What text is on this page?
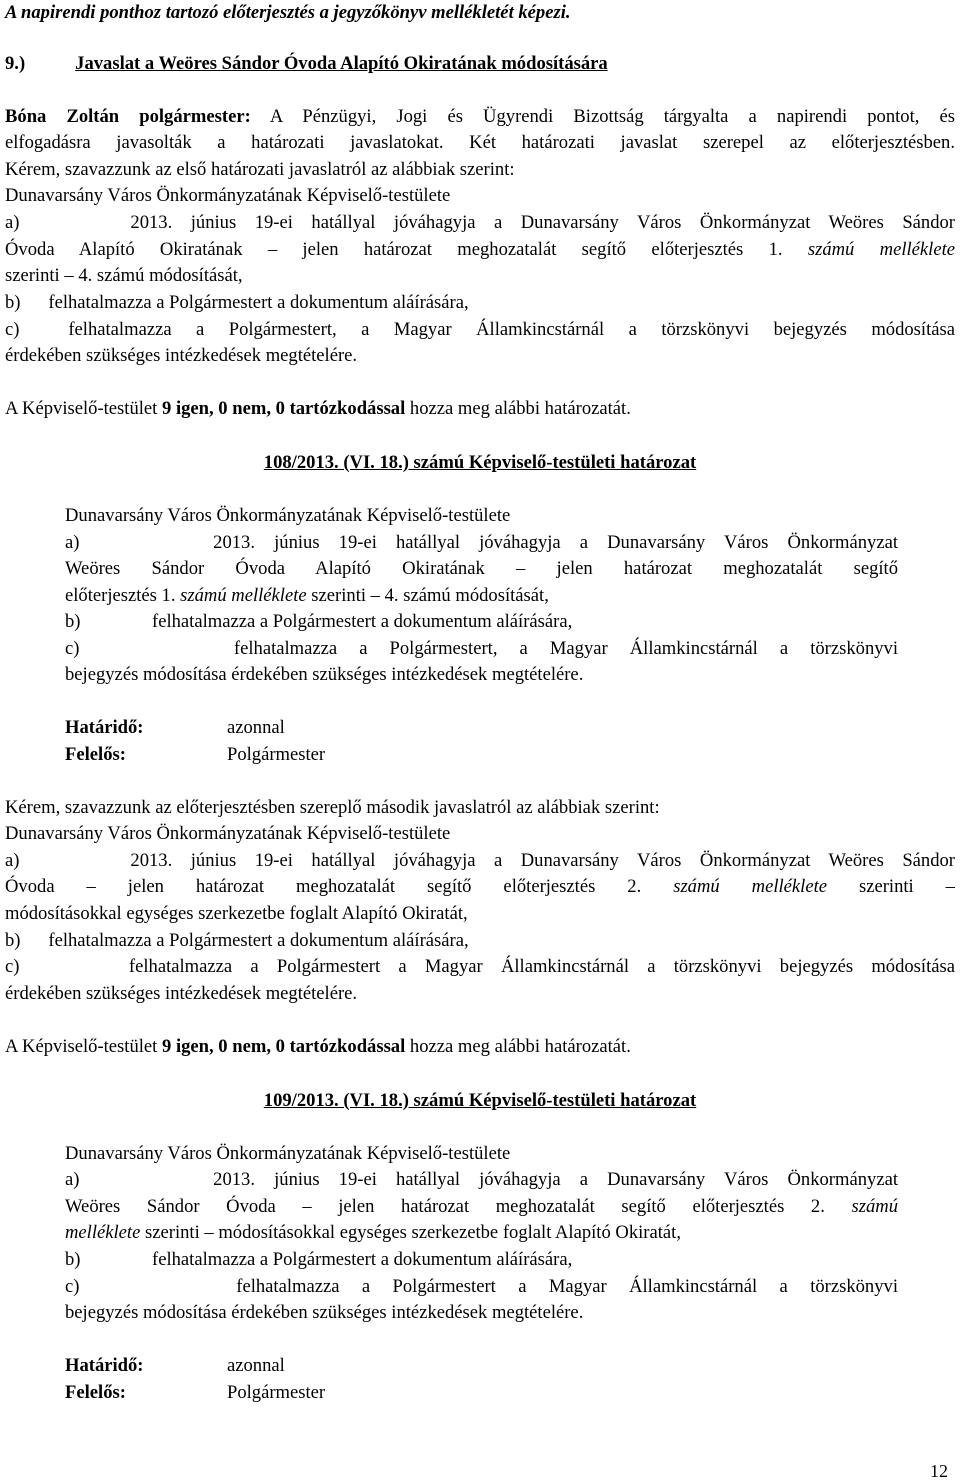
A napirendi ponthoz tartozó előterjesztés a jegyzőkönyv mellékletét képezi.
9.)	Javaslat a Weöres Sándor Óvoda Alapító Okiratának módosítására
Bóna Zoltán polgármester: A Pénzügyi, Jogi és Ügyrendi Bizottság tárgyalta a napirendi pontot, és
elfogadásra javasolták a határozati javaslatokat. Két határozati javaslat szerepel az előterjesztésben.
Kérem, szavazzunk az első határozati javaslatról az alábbiak szerint:
Dunavarsány Város Önkormányzatának Képviselő-testülete
a)      2013. június 19-ei hatállyal jóváhagyja a Dunavarsány Város Önkormányzat Weöres Sándor
Óvoda Alapító Okiratának – jelen határozat meghozatalát segítő előterjesztés 1. számú melléklete
szerinti – 4. számú módosítását,
b)      felhatalmazza a Polgármestert a dokumentum aláírására,
c)  felhatalmazza a Polgármestert, a Magyar Államkincstárnál a törzskönyvi bejegyzés módosítása
érdekében szükséges intézkedések megtételére.
A Képviselő-testület 9 igen, 0 nem, 0 tartózkodással hozza meg alábbi határozatát.
108/2013. (VI. 18.) számú Képviselő-testületi határozat
Dunavarsány Város Önkormányzatának Képviselő-testülete
a)       2013. június 19-ei hatállyal jóváhagyja a Dunavarsány Város Önkormányzat
Weöres Sándor Óvoda Alapító Okiratának – jelen határozat meghozatalát segítő
előterjesztés 1. számú melléklete szerinti – 4. számú módosítását,
b)	felhatalmazza a Polgármestert a dokumentum aláírására,
c)       felhatalmazza a Polgármestert, a Magyar Államkincstárnál a törzskönyvi
bejegyzés módosítása érdekében szükséges intézkedések megtételére.
Határidő:	azonnal
Felelős:	Polgármester
Kérem, szavazzunk az előterjesztésben szereplő második javaslatról az alábbiak szerint:
Dunavarsány Város Önkormányzatának Képviselő-testülete
a)      2013. június 19-ei hatállyal jóváhagyja a Dunavarsány Város Önkormányzat Weöres Sándor
Óvoda – jelen határozat meghozatalát segítő előterjesztés 2. számú melléklete szerinti –
módosításokkal egységes szerkezetbe foglalt Alapító Okiratát,
b)      felhatalmazza a Polgármestert a dokumentum aláírására,
c)      felhatalmazza a Polgármestert a Magyar Államkincstárnál a törzskönyvi bejegyzés módosítása
érdekében szükséges intézkedések megtételére.
A Képviselő-testület 9 igen, 0 nem, 0 tartózkodással hozza meg alábbi határozatát.
109/2013. (VI. 18.) számú Képviselő-testületi határozat
Dunavarsány Város Önkormányzatának Képviselő-testülete
a)       2013. június 19-ei hatállyal jóváhagyja a Dunavarsány Város Önkormányzat
Weöres Sándor Óvoda – jelen határozat meghozatalát segítő előterjesztés 2. számú
melléklete szerinti – módosításokkal egységes szerkezetbe foglalt Alapító Okiratát,
b)	felhatalmazza a Polgármestert a dokumentum aláírására,
c)       felhatalmazza a Polgármestert a Magyar Államkincstárnál a törzskönyvi
bejegyzés módosítása érdekében szükséges intézkedések megtételére.
Határidő:	azonnal
Felelős:	Polgármester
12
